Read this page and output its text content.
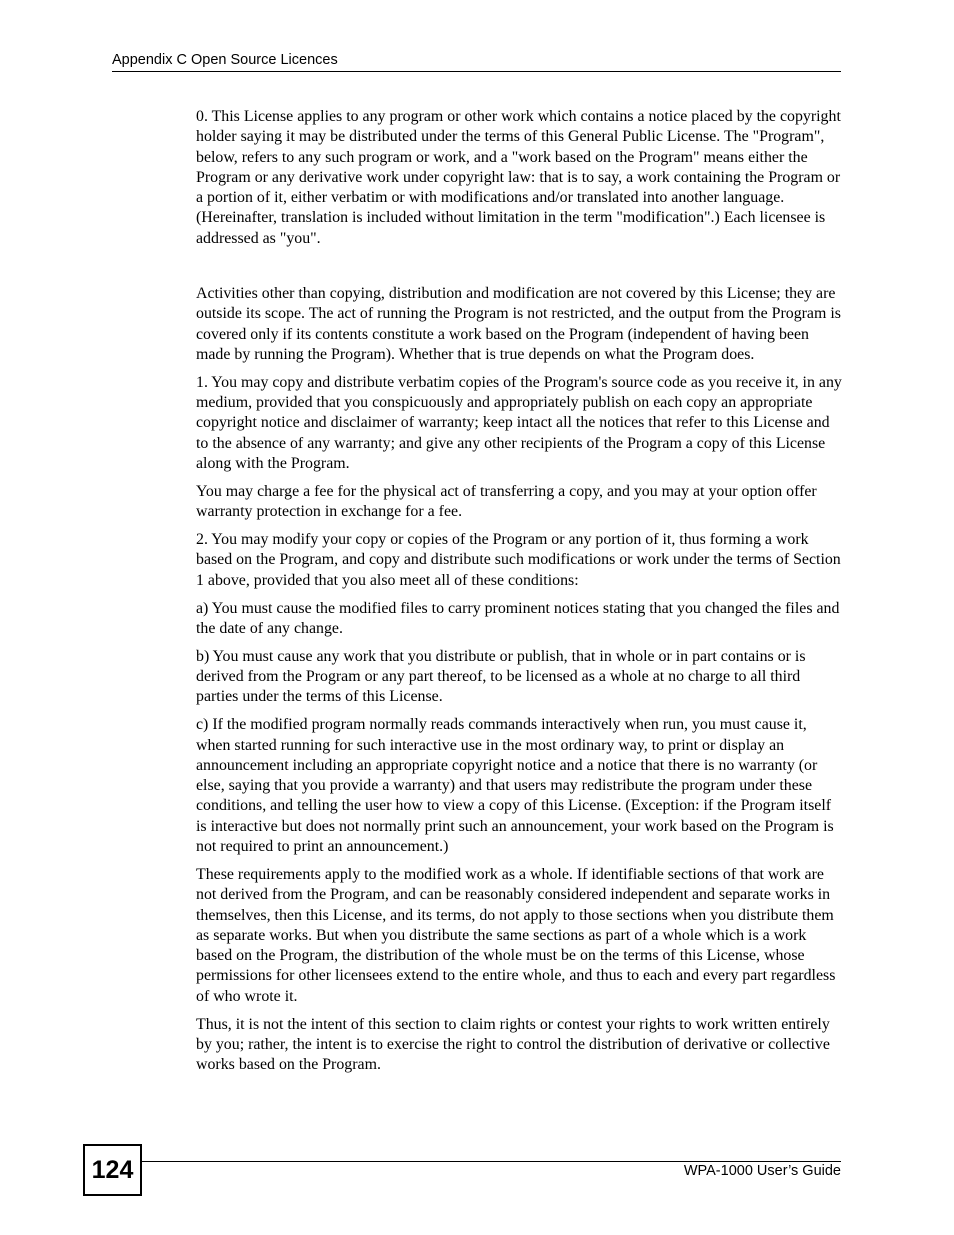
Appendix C Open Source Licences

0. This License applies to any program or other work which contains a notice placed by the copyright holder saying it may be distributed under the terms of this General Public License. The "Program", below, refers to any such program or work, and a "work based on the Program" means either the Program or any derivative work under copyright law: that is to say, a work containing the Program or a portion of it, either verbatim or with modifications and/or translated into another language. (Hereinafter, translation is included without limitation in the term "modification".) Each licensee is addressed as "you".

Activities other than copying, distribution and modification are not covered by this License; they are outside its scope. The act of running the Program is not restricted, and the output from the Program is covered only if its contents constitute a work based on the Program (independent of having been made by running the Program). Whether that is true depends on what the Program does.

1. You may copy and distribute verbatim copies of the Program's source code as you receive it, in any medium, provided that you conspicuously and appropriately publish on each copy an appropriate copyright notice and disclaimer of warranty; keep intact all the notices that refer to this License and to the absence of any warranty; and give any other recipients of the Program a copy of this License along with the Program.

You may charge a fee for the physical act of transferring a copy, and you may at your option offer warranty protection in exchange for a fee.

2. You may modify your copy or copies of the Program or any portion of it, thus forming a work based on the Program, and copy and distribute such modifications or work under the terms of Section 1 above, provided that you also meet all of these conditions:

a) You must cause the modified files to carry prominent notices stating that you changed the files and the date of any change.

b) You must cause any work that you distribute or publish, that in whole or in part contains or is derived from the Program or any part thereof, to be licensed as a whole at no charge to all third parties under the terms of this License.

c) If the modified program normally reads commands interactively when run, you must cause it, when started running for such interactive use in the most ordinary way, to print or display an announcement including an appropriate copyright notice and a notice that there is no warranty (or else, saying that you provide a warranty) and that users may redistribute the program under these conditions, and telling the user how to view a copy of this License. (Exception: if the Program itself is interactive but does not normally print such an announcement, your work based on the Program is not required to print an announcement.)

These requirements apply to the modified work as a whole. If identifiable sections of that work are not derived from the Program, and can be reasonably considered independent and separate works in themselves, then this License, and its terms, do not apply to those sections when you distribute them as separate works. But when you distribute the same sections as part of a whole which is a work based on the Program, the distribution of the whole must be on the terms of this License, whose permissions for other licensees extend to the entire whole, and thus to each and every part regardless of who wrote it.

Thus, it is not the intent of this section to claim rights or contest your rights to work written entirely by you; rather, the intent is to exercise the right to control the distribution of derivative or collective works based on the Program.

124	WPA-1000 User’s Guide
